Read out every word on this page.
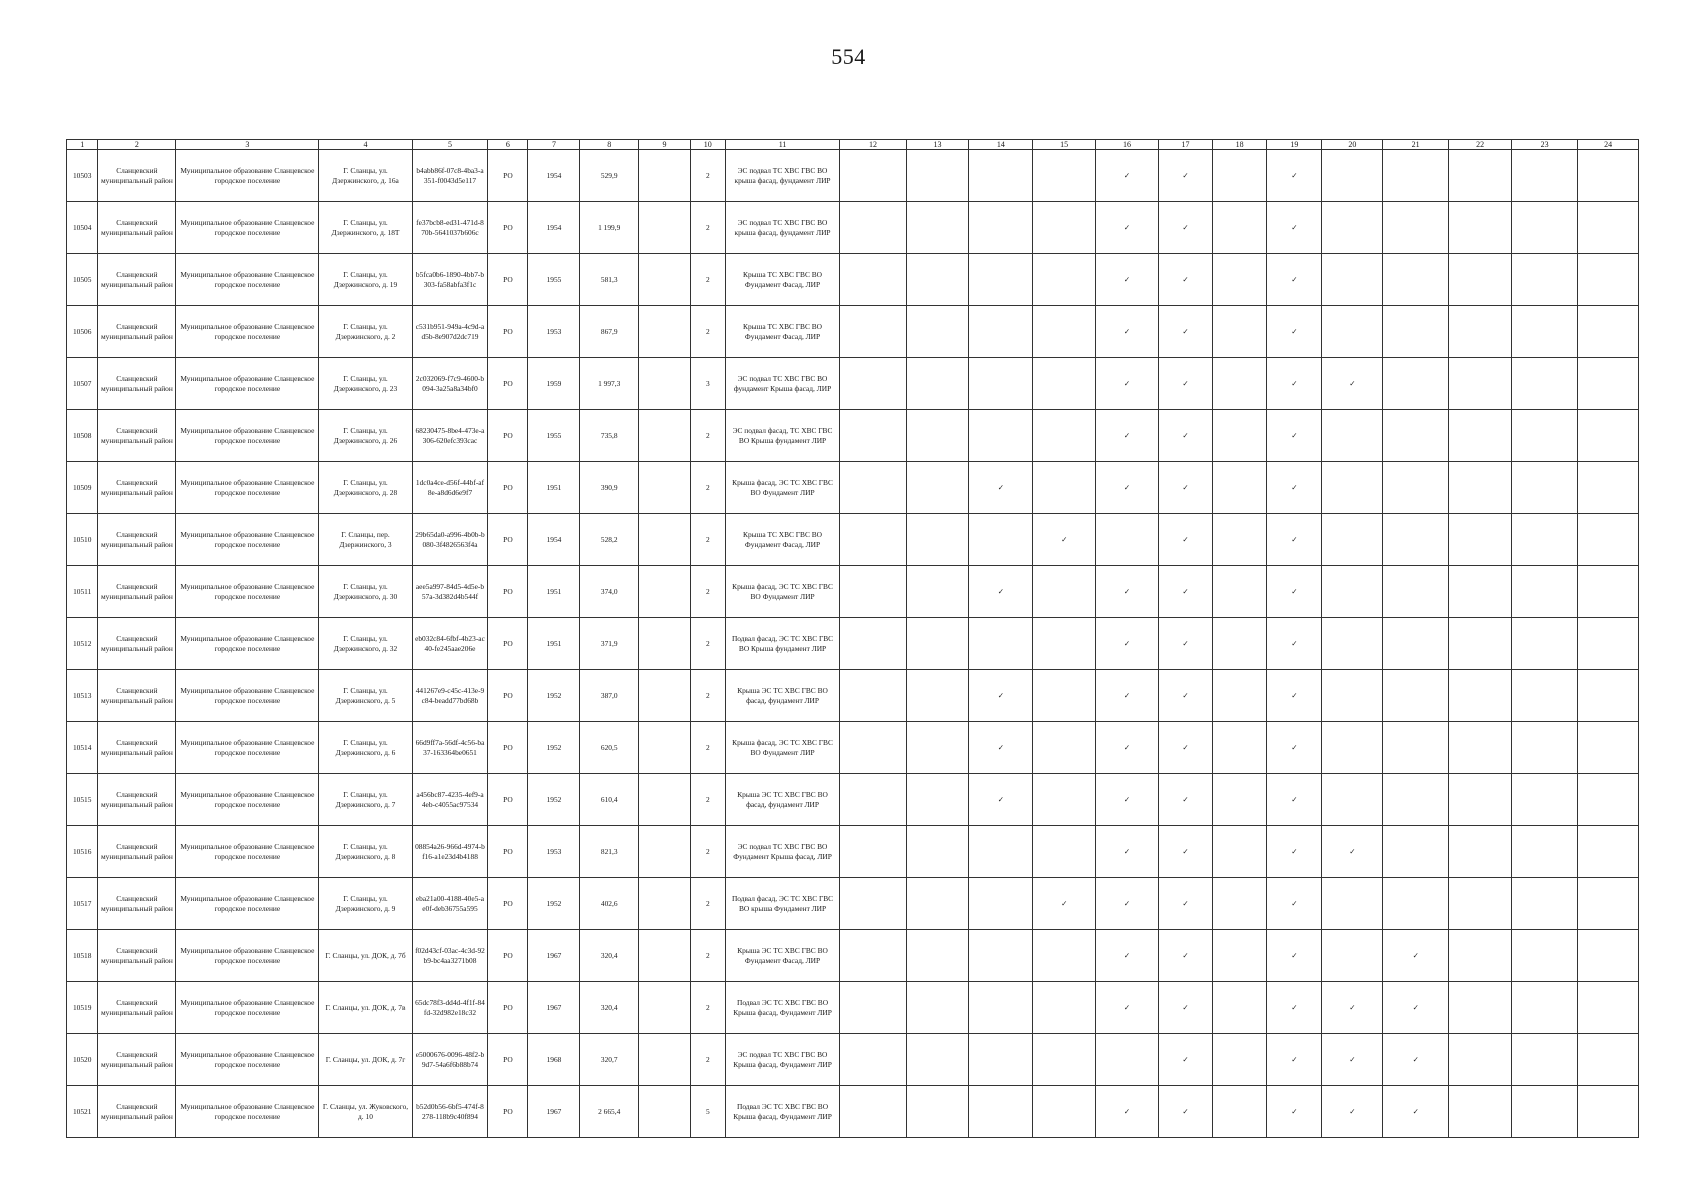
554
1	2	3	4	5	6	7	8	9	10	11	12	13	14	15	16	17	18	19	20	21	22	23	24
10503	Сланцевский муниципальный район	Муниципальное образование Сланцевское городское поселение	Г. Сланцы, ул. Дзержинского, д. 16а	b4abb86f-07c8-4ba3-a351-f0043d5e117	РО	1954	529,9		2	ЭС подвал ТС ХВС ГВС ВО крыша фасад, фундамент ЛИР					✓	✓		✓					
10504	Сланцевский муниципальный район	Муниципальное образование Сланцевское городское поселение	Г. Сланцы, ул. Дзержинского, д. 18Т	fe37bcb8-ed31-471d-870b-5641037b606c	РО	1954	1 199,9		2	ЭС подвал ТС ХВС ГВС ВО крыша фасад, фундамент ЛИР					✓	✓		✓					
10505	Сланцевский муниципальный район	Муниципальное образование Сланцевское городское поселение	Г. Сланцы, ул. Дзержинского, д. 19	b5fca0b6-1890-4bb7-b303-fa58abfa3f1c	РО	1955	581,3		2	Крыша ТС ХВС ГВС ВО Фундамент Фасад, ЛИР					✓	✓		✓					
10506	Сланцевский муниципальный район	Муниципальное образование Сланцевское городское поселение	Г. Сланцы, ул. Дзержинского, д. 2	c531b951-949a-4c9d-ad5b-8e907d2dc719	РО	1953	867,9		2	Крыша ТС ХВС ГВС ВО Фундамент Фасад, ЛИР					✓	✓		✓					
10507	Сланцевский муниципальный район	Муниципальное образование Сланцевское городское поселение	Г. Сланцы, ул. Дзержинского, д. 23	2c032069-f7c9-4600-b094-3a25a8a34bf0	РО	1959	1 997,3		3	ЭС подвал ТС ХВС ГВС ВО фундамент Крыша фасад, ЛИР					✓	✓		✓	✓				
10508	Сланцевский муниципальный район	Муниципальное образование Сланцевское городское поселение	Г. Сланцы, ул. Дзержинского, д. 26	68230475-8be4-473e-a306-620efc393cac	РО	1955	735,8		2	ЭС подвал фасад, ТС ХВС ГВС ВО Крыша фундамент ЛИР					✓	✓		✓					
10509	Сланцевский муниципальный район	Муниципальное образование Сланцевское городское поселение	Г. Сланцы, ул. Дзержинского, д. 28	1dc0a4ce-d56f-44bf-af8e-a8d6d6e9f7	РО	1951	390,9		2	Крыша фасад, ЭС ТС ХВС ГВС ВО Фундамент ЛИР			✓		✓	✓		✓					
10510	Сланцевский муниципальный район	Муниципальное образование Сланцевское городское поселение	Г. Сланцы, пер. Дзержинского, 3	29b65da0-a996-4b0b-b080-3f4826563f4a	РО	1954	528,2		2	Крыша ТС ХВС ГВС ВО Фундамент Фасад, ЛИР				✓		✓		✓					
10511	Сланцевский муниципальный район	Муниципальное образование Сланцевское городское поселение	Г. Сланцы, ул. Дзержинского, д. 30	aee5a997-84d5-4d5e-b57a-3d382d4b544f	РО	1951	374,0		2	Крыша фасад, ЭС ТС ХВС ГВС ВО Фундамент ЛИР			✓		✓	✓		✓					
10512	Сланцевский муниципальный район	Муниципальное образование Сланцевское городское поселение	Г. Сланцы, ул. Дзержинского, д. 32	eb032c84-6fbf-4b23-ac40-fe245aae206e	РО	1951	371,9		2	Подвал фасад, ЭС ТС ХВС ГВС ВО Крыша фундамент ЛИР					✓	✓		✓					
10513	Сланцевский муниципальный район	Муниципальное образование Сланцевское городское поселение	Г. Сланцы, ул. Дзержинского, д. 5	441267e9-c45c-413e-9c84-beadd77bd68b	РО	1952	387,0		2	Крыша ЭС ТС ХВС ГВС ВО фасад, фундамент ЛИР			✓		✓	✓		✓					
10514	Сланцевский муниципальный район	Муниципальное образование Сланцевское городское поселение	Г. Сланцы, ул. Дзержинского, д. 6	66d9ff7a-56df-4c56-ba37-163364be0651	РО	1952	620,5		2	Крыша фасад, ЭС ТС ХВС ГВС ВО Фундамент ЛИР			✓		✓	✓		✓					
10515	Сланцевский муниципальный район	Муниципальное образование Сланцевское городское поселение	Г. Сланцы, ул. Дзержинского, д. 7	a456bc87-4235-4ef9-a4eb-c4055ac97534	РО	1952	610,4		2	Крыша ЭС ТС ХВС ГВС ВО фасад, фундамент ЛИР			✓		✓	✓		✓					
10516	Сланцевский муниципальный район	Муниципальное образование Сланцевское городское поселение	Г. Сланцы, ул. Дзержинского, д. 8	08854a26-966d-4974-bf16-a1e23d4b4188	РО	1953	821,3		2	ЭС подвал ТС ХВС ГВС ВО Фундамент Крыша фасад, ЛИР					✓	✓		✓	✓				
10517	Сланцевский муниципальный район	Муниципальное образование Сланцевское городское поселение	Г. Сланцы, ул. Дзержинского, д. 9	eba21a00-4188-40e5-ae0f-deb36755a595	РО	1952	402,6		2	Подвал фасад, ЭС ТС ХВС ГВС ВО крыша Фундамент ЛИР				✓	✓	✓		✓					
10518	Сланцевский муниципальный район	Муниципальное образование Сланцевское городское поселение	Г. Сланцы, ул. ДОК, д. 7б	f02d43cf-03ac-4c3d-92b9-bc4aa3271b08	РО	1967	320,4		2	Крыша ЭС ТС ХВС ГВС ВО Фундамент Фасад, ЛИР					✓	✓		✓		✓			
10519	Сланцевский муниципальный район	Муниципальное образование Сланцевское городское поселение	Г. Сланцы, ул. ДОК, д. 7в	65dc78f3-dd4d-4f1f-84fd-32d982e18c32	РО	1967	320,4		2	Подвал ЭС ТС ХВС ГВС ВО Крыша фасад, Фундамент ЛИР					✓	✓		✓	✓	✓			
10520	Сланцевский муниципальный район	Муниципальное образование Сланцевское городское поселение	Г. Сланцы, ул. ДОК, д. 7г	e5000676-0096-48f2-b9d7-54a6f6b88b74	РО	1968	320,7		2	ЭС подвал ТС ХВС ГВС ВО Крыша фасад, Фундамент ЛИР						✓		✓	✓	✓			
10521	Сланцевский муниципальный район	Муниципальное образование Сланцевское городское поселение	Г. Сланцы, ул. Жуковского, д. 10	b52d0b56-6bf5-474f-8278-118b9c40f894	РО	1967	2 665,4		5	Подвал ЭС ТС ХВС ГВС ВО Крыша фасад, Фундамент ЛИР					✓	✓		✓	✓	✓			
